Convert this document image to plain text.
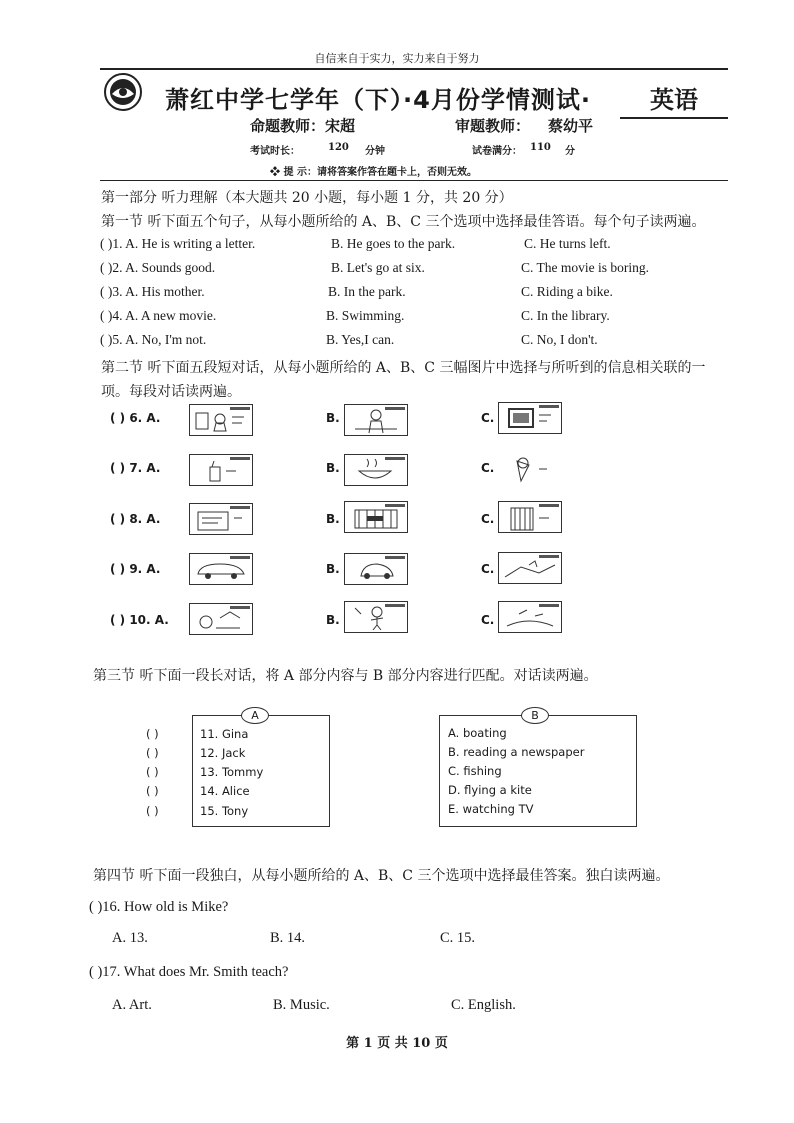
自信来自于实力，实力来自于努力
萧红中学七学年（下）·4月份学情测试·	英语
命题教师：宋超	审题教师： 蔡幼平
考试时长：	120 分钟	试卷满分： 110 分
❖ 提 示：请将答案作答在题卡上，否则无效。
第一部分 听力理解（本大题共 20 小题，每小题 1 分，共 20 分）
第一节 听下面五个句子，从每小题所给的 A、B、C 三个选项中选择最佳答语。每个句子读两遍。
( )1. A. He is writing a letter.	B. He goes to the park.	C. He turns left.
( )2. A. Sounds good.	B. Let's go at six.	C. The movie is boring.
( )3. A. His mother.	B. In the park.	C. Riding a bike.
( )4. A. A new movie.	B. Swimming.	C. In the library.
( )5. A. No, I'm not.	B. Yes,I can.	C. No, I don't.
第二节 听下面五段短对话，从每小题所给的 A、B、C 三幅图片中选择与所听到的信息相关联的一
项。每段对话读两遍。
( ) 6. A.	B.	C.
( ) 7. A.	B.	C.
( ) 8. A.	B.	C.
( ) 9. A.	B.	C.
( ) 10. A.	B.	C.
第三节 听下面一段长对话，将 A 部分内容与 B 部分内容进行匹配。对话读两遍。
A	B
( )	11. Gina
( )	12. Jack
( )	13. Tommy
( )	14. Alice
( )	15. Tony
A. boating
B. reading a newspaper
C. fishing
D. flying a kite
E. watching TV
第四节 听下面一段独白，从每小题所给的 A、B、C 三个选项中选择最佳答案。独白读两遍。
( )16. How old is Mike?
A. 13.	B. 14.	C. 15.
( )17. What does Mr. Smith teach?
A. Art.	B. Music.	C. English.
第 1 页 共 10 页
